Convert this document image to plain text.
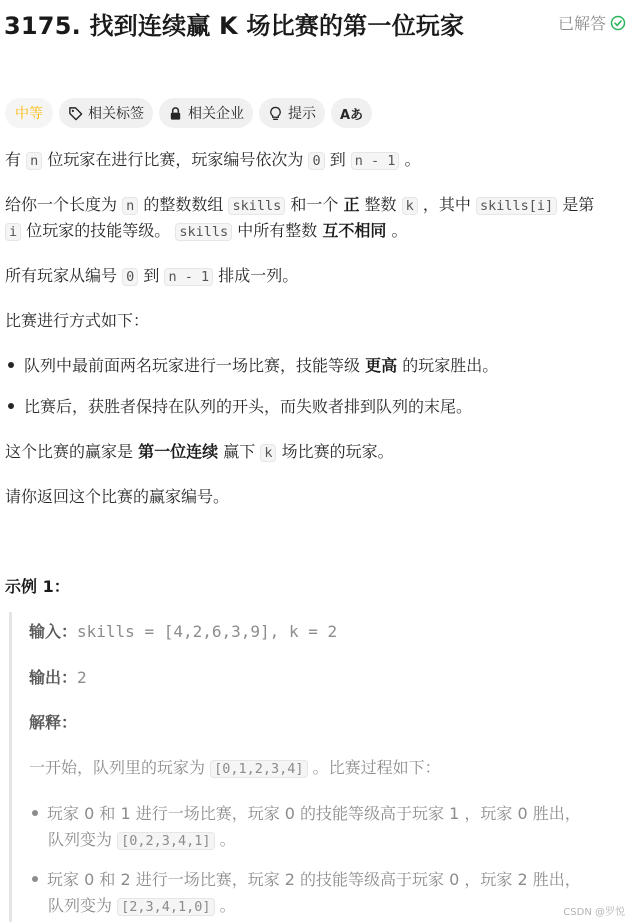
3175. 找到连续赢 K 场比赛的第一位玩家	已解答
中等	相关标签	相关企业	提示 Aあ
有 n 位玩家在进行比赛，玩家编号依次为 0 到 n - 1 。
给你一个长度为 n 的整数数组 skills 和一个 正 整数 k ，其中 skills[i] 是第
i 位玩家的技能等级。 skills 中所有整数 互不相同 。
所有玩家从编号 0 到 n - 1 排成一列。
比赛进行方式如下：
队列中最前面两名玩家进行一场比赛，技能等级 更高 的玩家胜出。
比赛后，获胜者保持在队列的开头，而失败者排到队列的末尾。
这个比赛的赢家是 第一位连续 赢下 k 场比赛的玩家。
请你返回这个比赛的赢家编号。
示例 1：
输入：skills = [4,2,6,3,9], k = 2
输出：2
解释：
一开始，队列里的玩家为 [0,1,2,3,4] 。比赛过程如下：
玩家 0 和 1 进行一场比赛，玩家 0 的技能等级高于玩家 1 ，玩家 0 胜出，
队列变为 [0,2,3,4,1] 。
玩家 0 和 2 进行一场比赛，玩家 2 的技能等级高于玩家 0 ，玩家 2 胜出，
队列变为 [2,3,4,1,0] 。	CSDN @罗悦
